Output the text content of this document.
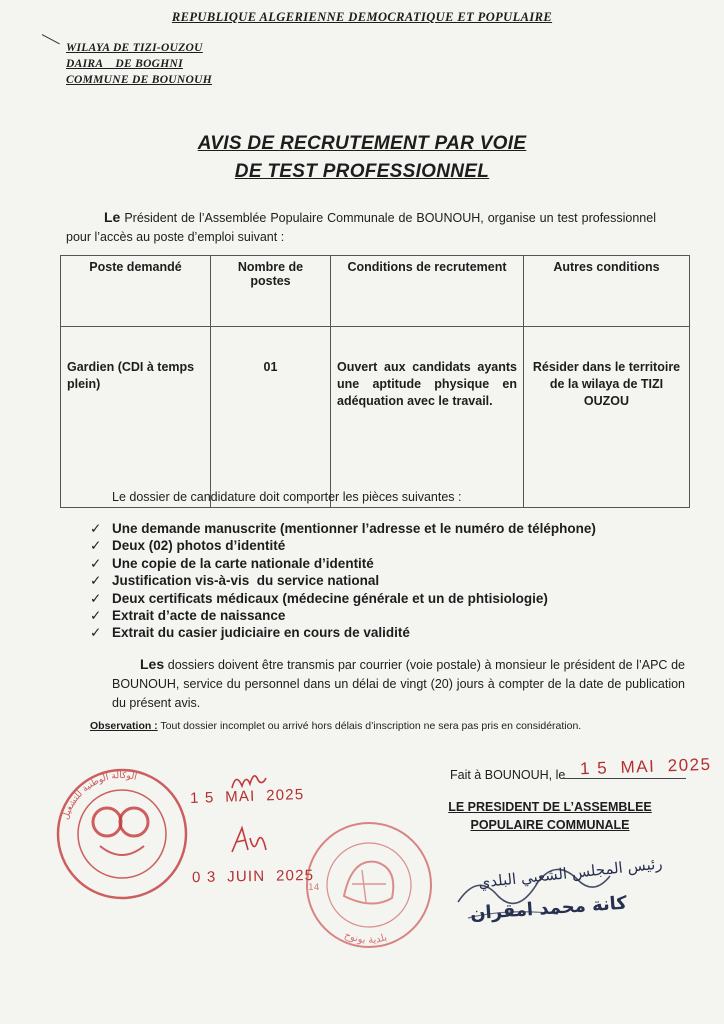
REPUBLIQUE ALGERIENNE DEMOCRATIQUE ET POPULAIRE
WILAYA DE TIZI-OUZOU
DAIRA    DE BOGHNI
COMMUNE DE BOUNOUH
AVIS DE RECRUTEMENT PAR VOIE
DE TEST PROFESSIONNEL
Le Président de l’Assemblée Populaire Communale de BOUNOUH, organise un test professionnel pour l’accès au poste d’emploi suivant :
Poste demandé	Nombre de postes	Conditions de recrutement	Autres conditions
Gardien (CDI à temps plein)	01	Ouvert aux candidats ayants une aptitude physique en adéquation avec le travail.	Résider dans le territoire de la wilaya de TIZI OUZOU
Le dossier de candidature doit comporter les pièces suivantes :
✓ Une demande manuscrite (mentionner l’adresse et le numéro de téléphone)
✓ Deux (02) photos d’identité
✓ Une copie de la carte nationale d’identité
✓ Justification vis-à-vis  du service national
✓ Deux certificats médicaux (médecine générale et un de phtisiologie)
✓ Extrait d’acte de naissance
✓ Extrait du casier judiciaire en cours de validité
Les dossiers doivent être transmis par courrier (voie postale) à monsieur le président de l’APC de BOUNOUH, service du personnel dans un délai de vingt (20) jours à compter de la date de publication du présent avis.
Observation : Tout dossier incomplet ou arrivé hors délais d’inscription ne sera pas pris en considération.
Fait à BOUNOUH, le 1 5  MAI  2025
LE PRESIDENT DE L’ASSEMBLEE
POPULAIRE COMMUNALE
الوكالة الوطنية للتشغيل
1 5  MAI  2025
0 3  JUIN  2025
14
بلدية بونوح
رئيس المجلس الشعبي البلدي
كانة محمد امقران
